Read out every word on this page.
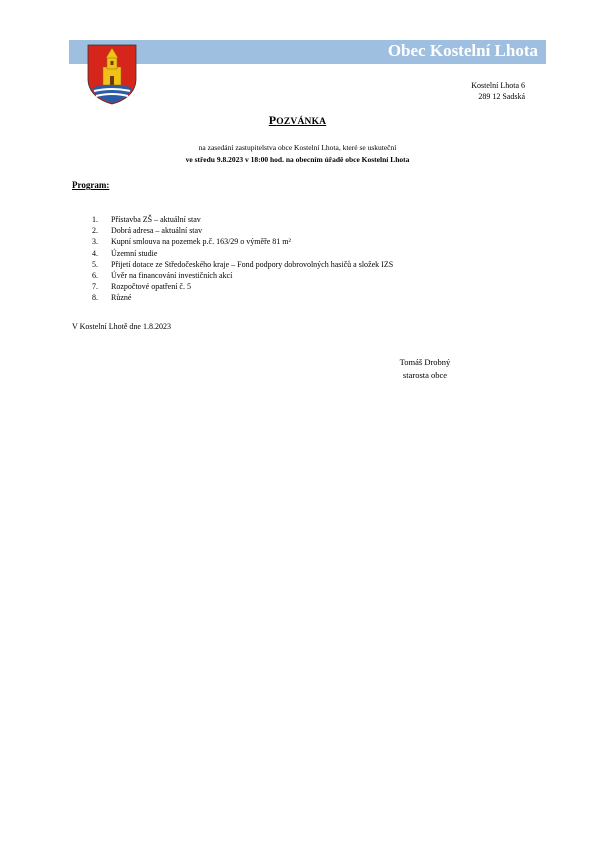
Obec Kostelní Lhota
Kostelní Lhota 6
289 12 Sadská
POZVÁNKA
na zasedání zastupitelstva obce Kostelní Lhota, které se uskuteční
ve středu 9.8.2023 v 18:00 hod. na obecním úřadě obce Kostelní Lhota
Program:
1. Přístavba ZŠ – aktuální stav
2. Dobrá adresa – aktuální stav
3. Kupní smlouva na pozemek p.č. 163/29 o výměře 81 m²
4. Územní studie
5. Přijetí dotace ze Středočeského kraje – Fond podpory dobrovolných hasičů a složek IZS
6. Úvěr na financování investičních akcí
7. Rozpočtové opatření č. 5
8. Různé
V Kostelní Lhotě dne 1.8.2023
Tomáš Drobný
starosta obce
